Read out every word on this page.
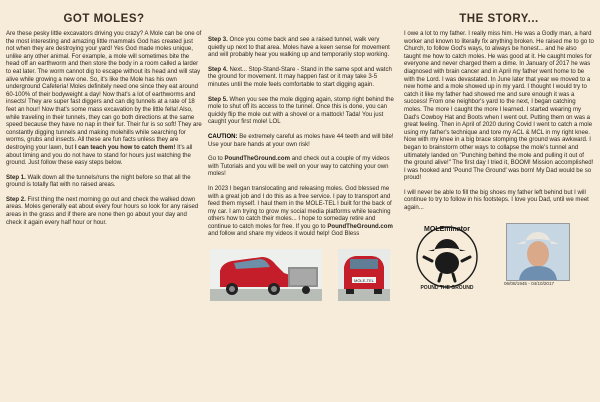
GOT MOLES?

Are these pesky little excavators driving you crazy? A Mole can be one of the most interesting and amazing little mammals God has created just not when they are destroying your yard! Yes God made moles unique, unlike any other animal. For example, a mole will sometimes bite the head off an earthworm and then store the body in a room called a larder to eat later. The worm cannot dig to escape without its head and will stay alive while growing a new one. So, it's like the Mole has his own underground Cafeteria! Moles definitely need one since they eat around 60-100% of their bodyweight a day! Now that's a lot of earthworms and insects! They are super fast diggers and can dig tunnels at a rate of 18 feet an hour! Now that's some mass excavation by the little fella! Also, while traveling in their tunnels, they can go both directions at the same speed because they have no nap in their fur. Their fur is so soft! They are constantly digging tunnels and making molehills while searching for worms, grubs and insects. All these are fun facts unless they are destroying your lawn, but I can teach you how to catch them! It's all about timing and you do not have to stand for hours just watching the ground. Just follow these easy steps below.

Step 1. Walk down all the tunnels/runs the night before so that all the ground is totally flat with no raised areas.

Step 2. First thing the next morning go out and check the walked down areas. Moles generally eat about every four hours so look for any raised areas in the grass and if there are none then go about your day and check it again every half hour or hour.

Step 3. Once you come back and see a raised tunnel, walk very quietly up next to that area. Moles have a keen sense for movement and will probably hear you walking up and temporarily stop working.

Step 4. Next... Stop-Stand-Stare - Stand in the same spot and watch the ground for movement. It may happen fast or it may take 3-5 minutes until the mole feels comfortable to start digging again.

Step 5. When you see the mole digging again, stomp right behind the mole to shut off its access to the tunnel. Once this is done, you can quickly flip the mole out with a shovel or a mattock! Tada! You just caught your first mole! LOL

CAUTION: Be extremely careful as moles have 44 teeth and will bite! Use your bare hands at your own risk!

Go to PoundTheGround.com and check out a couple of my videos with Tutorials and you will be well on your way to catching your own moles!

In 2023 I began translocating and releasing moles. God blessed me with a great job and I do this as a free service. I pay to transport and feed them myself. I haul them in the MOLE-TEL I built for the back of my car. I am trying to grow my social media platforms while teaching others how to catch their moles... I hope to someday retire and continue to catch moles for free. If you go to PoundTheGround.com and follow and share my videos it would help! God Bless

MOLE-TEL
THE STORY...

I owe a lot to my father. I really miss him. He was a Godly man, a hard worker and known to literally fix anything broken. He raised me to go to Church, to follow God's ways, to always be honest... and he also taught me how to catch moles. He was good at it. He caught moles for everyone and never charged them a dime. In January of 2017 he was diagnosed with brain cancer and in April my father went home to be with the Lord. I was devastated. In June later that year we moved to a new home and a mole showed up in my yard. I thought I would try to catch it like my father had showed me and sure enough it was a success! From one neighbor's yard to the next, I began catching moles. The more I caught the more I learned. I started wearing my Dad's Cowboy Hat and Boots when I went out. Putting them on was a great feeling. Then in April of 2020 during Covid I went to catch a mole using my father's technique and tore my ACL & MCL in my right knee. Now with my knee in a big brace stomping the ground was awkward. I began to brainstorm other ways to collapse the mole's tunnel and ultimately landed on "Punching behind the mole and pulling it out of the ground alive!" The first day I tried it, BOOM! Mission accomplished! I was hooked and 'Pound The Ground' was born! My Dad would be so proud!

I will never be able to fill the big shoes my father left behind but I will continue to try to follow in his footsteps. I love you Dad, until we meet again...

MOLEminator
POUND THE GROUND
06/08/1945 - 04/10/2017
